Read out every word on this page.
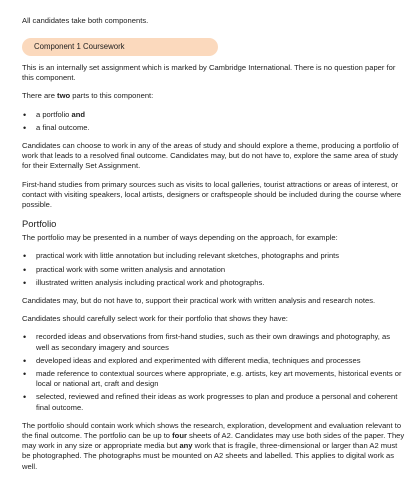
All candidates take both components.
Component 1 Coursework

This is an internally set assignment which is marked by Cambridge International. There is no question paper for this component.

There are two parts to this component:

• a portfolio and
• a final outcome.

Candidates can choose to work in any of the areas of study and should explore a theme, producing a portfolio of work that leads to a resolved final outcome. Candidates may, but do not have to, explore the same area of study for their Externally Set Assignment.

First-hand studies from primary sources such as visits to local galleries, tourist attractions or areas of interest, or contact with visiting speakers, local artists, designers or craftspeople should be included during the course where possible.

Portfolio

The portfolio may be presented in a number of ways depending on the approach, for example:

• practical work with little annotation but including relevant sketches, photographs and prints
• practical work with some written analysis and annotation
• illustrated written analysis including practical work and photographs.

Candidates may, but do not have to, support their practical work with written analysis and research notes.

Candidates should carefully select work for their portfolio that shows they have:

• recorded ideas and observations from first-hand studies, such as their own drawings and photography, as well as secondary imagery and sources
• developed ideas and explored and experimented with different media, techniques and processes
• made reference to contextual sources where appropriate, e.g. artists, key art movements, historical events or local or national art, craft and design
• selected, reviewed and refined their ideas as work progresses to plan and produce a personal and coherent final outcome.

The portfolio should contain work which shows the research, exploration, development and evaluation relevant to the final outcome. The portfolio can be up to four sheets of A2. Candidates may use both sides of the paper. They may work in any size or appropriate media but any work that is fragile, three-dimensional or larger than A2 must be photographed. The photographs must be mounted on A2 sheets and labelled. This applies to digital work as well.
